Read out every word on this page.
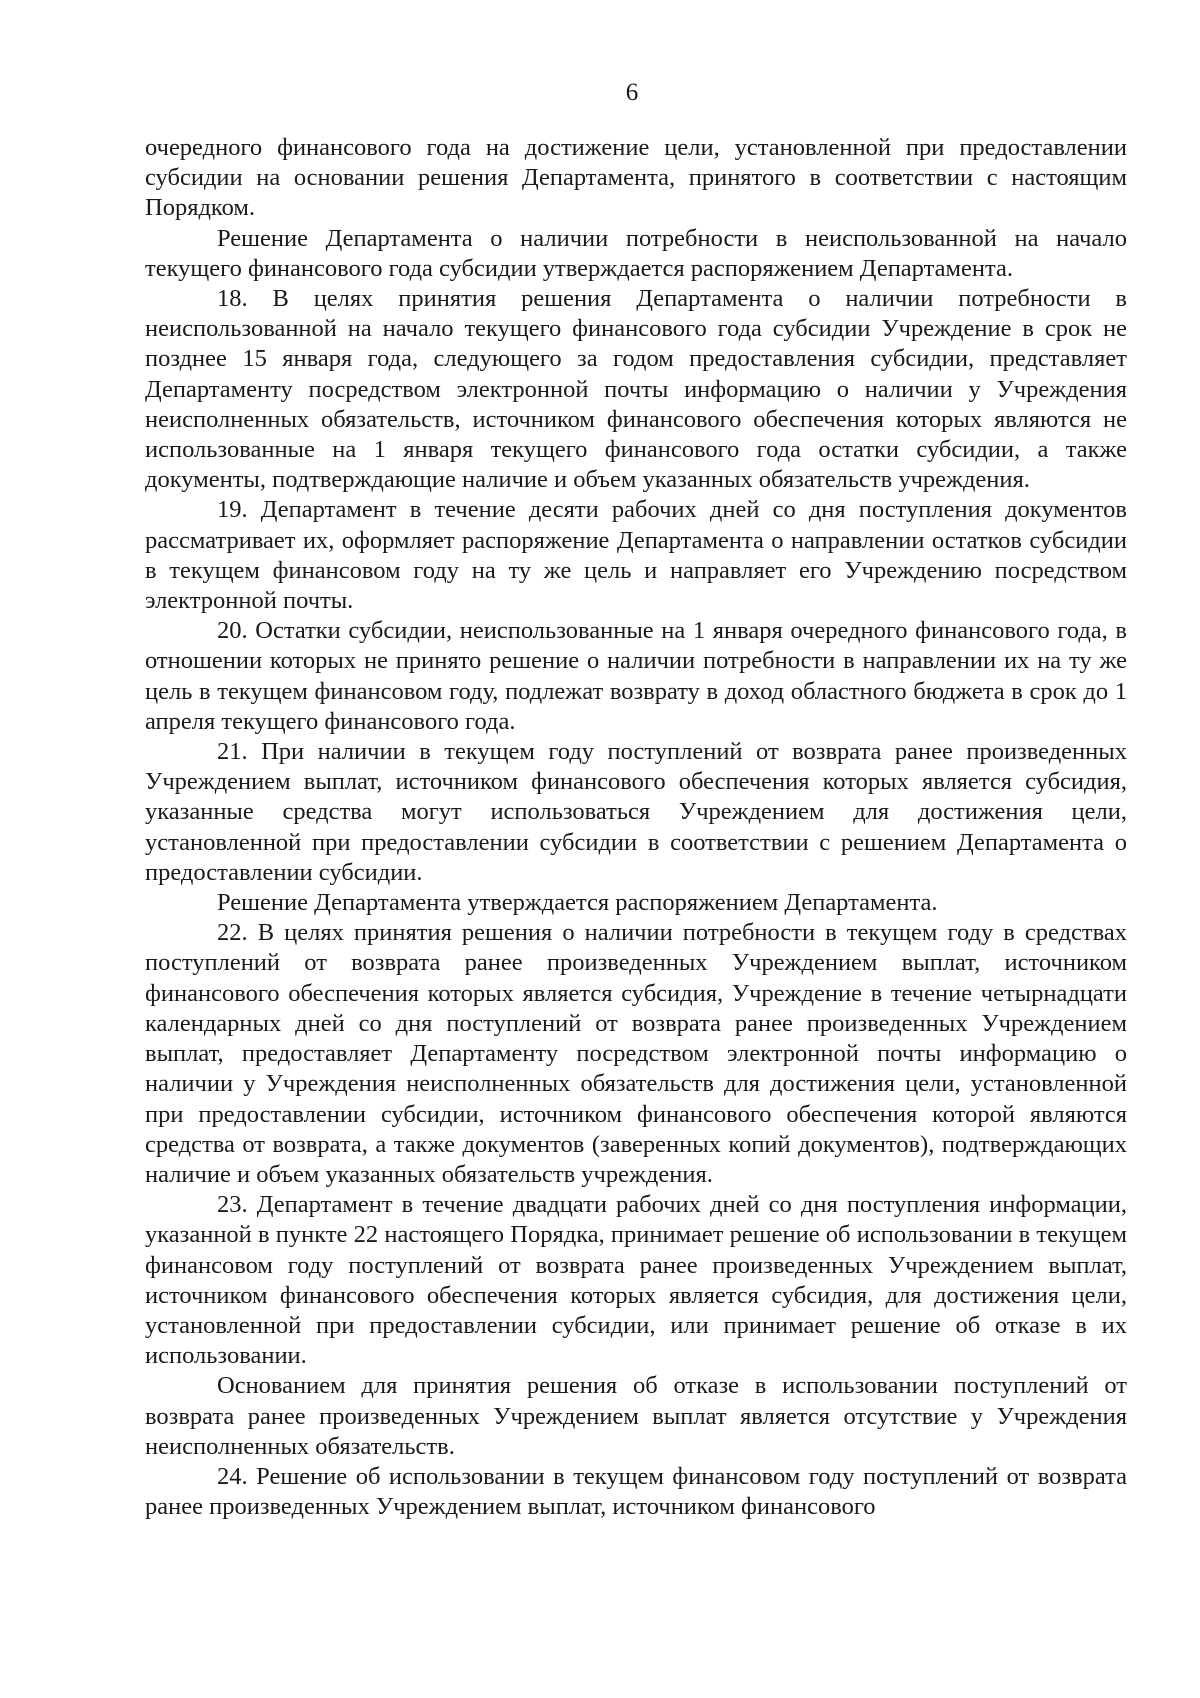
6

очередного финансового года на достижение цели, установленной при предоставлении субсидии на основании решения Департамента, принятого в соответствии с настоящим Порядком.

Решение Департамента о наличии потребности в неиспользованной на начало текущего финансового года субсидии утверждается распоряжением Департамента.

18. В целях принятия решения Департамента о наличии потребности в неиспользованной на начало текущего финансового года субсидии Учреждение в срок не позднее 15 января года, следующего за годом предоставления субсидии, представляет Департаменту посредством электронной почты информацию о наличии у Учреждения неисполненных обязательств, источником финансового обеспечения которых являются не использованные на 1 января текущего финансового года остатки субсидии, а также документы, подтверждающие наличие и объем указанных обязательств учреждения.

19. Департамент в течение десяти рабочих дней со дня поступления документов рассматривает их, оформляет распоряжение Департамента о направлении остатков субсидии в текущем финансовом году на ту же цель и направляет его Учреждению посредством электронной почты.

20. Остатки субсидии, неиспользованные на 1 января очередного финансового года, в отношении которых не принято решение о наличии потребности в направлении их на ту же цель в текущем финансовом году, подлежат возврату в доход областного бюджета в срок до 1 апреля текущего финансового года.

21. При наличии в текущем году поступлений от возврата ранее произведенных Учреждением выплат, источником финансового обеспечения которых является субсидия, указанные средства могут использоваться Учреждением для достижения цели, установленной при предоставлении субсидии в соответствии с решением Департамента о предоставлении субсидии.

Решение Департамента утверждается распоряжением Департамента.

22. В целях принятия решения о наличии потребности в текущем году в средствах поступлений от возврата ранее произведенных Учреждением выплат, источником финансового обеспечения которых является субсидия, Учреждение в течение четырнадцати календарных дней со дня поступлений от возврата ранее произведенных Учреждением выплат, предоставляет Департаменту посредством электронной почты информацию о наличии у Учреждения неисполненных обязательств для достижения цели, установленной при предоставлении субсидии, источником финансового обеспечения которой являются средства от возврата, а также документов (заверенных копий документов), подтверждающих наличие и объем указанных обязательств учреждения.

23. Департамент в течение двадцати рабочих дней со дня поступления информации, указанной в пункте 22 настоящего Порядка, принимает решение об использовании в текущем финансовом году поступлений от возврата ранее произведенных Учреждением выплат, источником финансового обеспечения которых является субсидия, для достижения цели, установленной при предоставлении субсидии, или принимает решение об отказе в их использовании.

Основанием для принятия решения об отказе в использовании поступлений от возврата ранее произведенных Учреждением выплат является отсутствие у Учреждения неисполненных обязательств.

24. Решение об использовании в текущем финансовом году поступлений от возврата ранее произведенных Учреждением выплат, источником финансового
